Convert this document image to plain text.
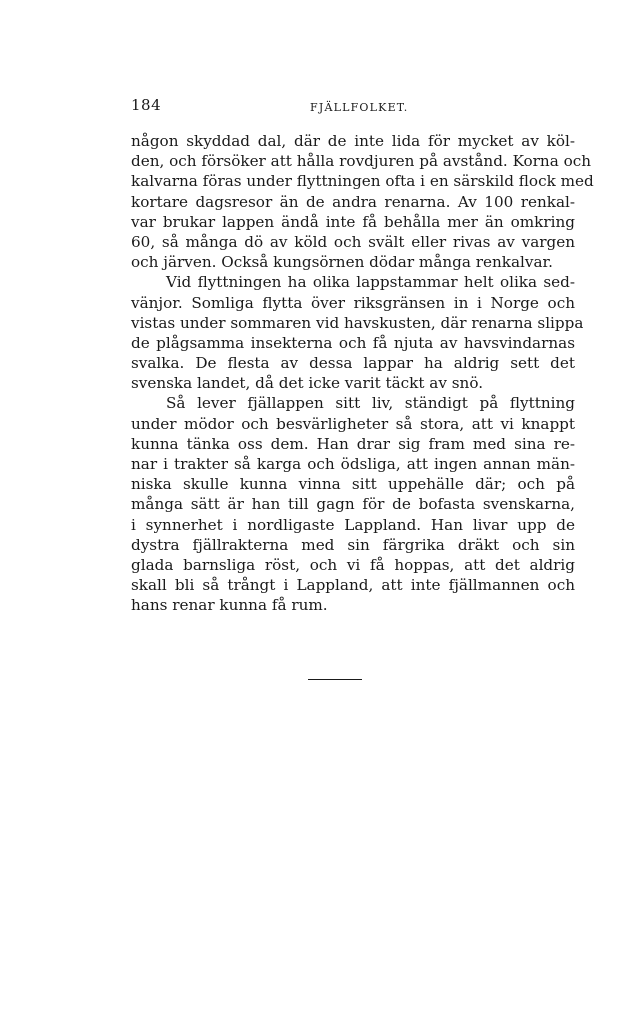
184	FJÄLLFOLKET.
någon skyddad dal, där de inte lida för mycket av köl-
den, och försöker att hålla rovdjuren på avstånd. Korna och
kalvarna föras under flyttningen ofta i en särskild flock med
kortare dagsresor än de andra renarna. Av 100 renkal-
var brukar lappen ändå inte få behålla mer än omkring
60, så många dö av köld och svält eller rivas av vargen
och järven. Också kungsörnen dödar många renkalvar.
Vid flyttningen ha olika lappstammar helt olika sed-
vänjor. Somliga flytta över riksgränsen in i Norge och
vistas under sommaren vid havskusten, där renarna slippa
de plågsamma insekterna och få njuta av havsvindarnas
svalka. De flesta av dessa lappar ha aldrig sett det
svenska landet, då det icke varit täckt av snö.
Så lever fjällappen sitt liv, ständigt på flyttning
under mödor och besvärligheter så stora, att vi knappt
kunna tänka oss dem. Han drar sig fram med sina re-
nar i trakter så karga och ödsliga, att ingen annan män-
niska skulle kunna vinna sitt uppehälle där; och på
många sätt är han till gagn för de bofasta svenskarna,
i synnerhet i nordligaste Lappland. Han livar upp de
dystra fjällrakterna med sin färgrika dräkt och sin
glada barnsliga röst, och vi få hoppas, att det aldrig
skall bli så trångt i Lappland, att inte fjällmannen och
hans renar kunna få rum.
